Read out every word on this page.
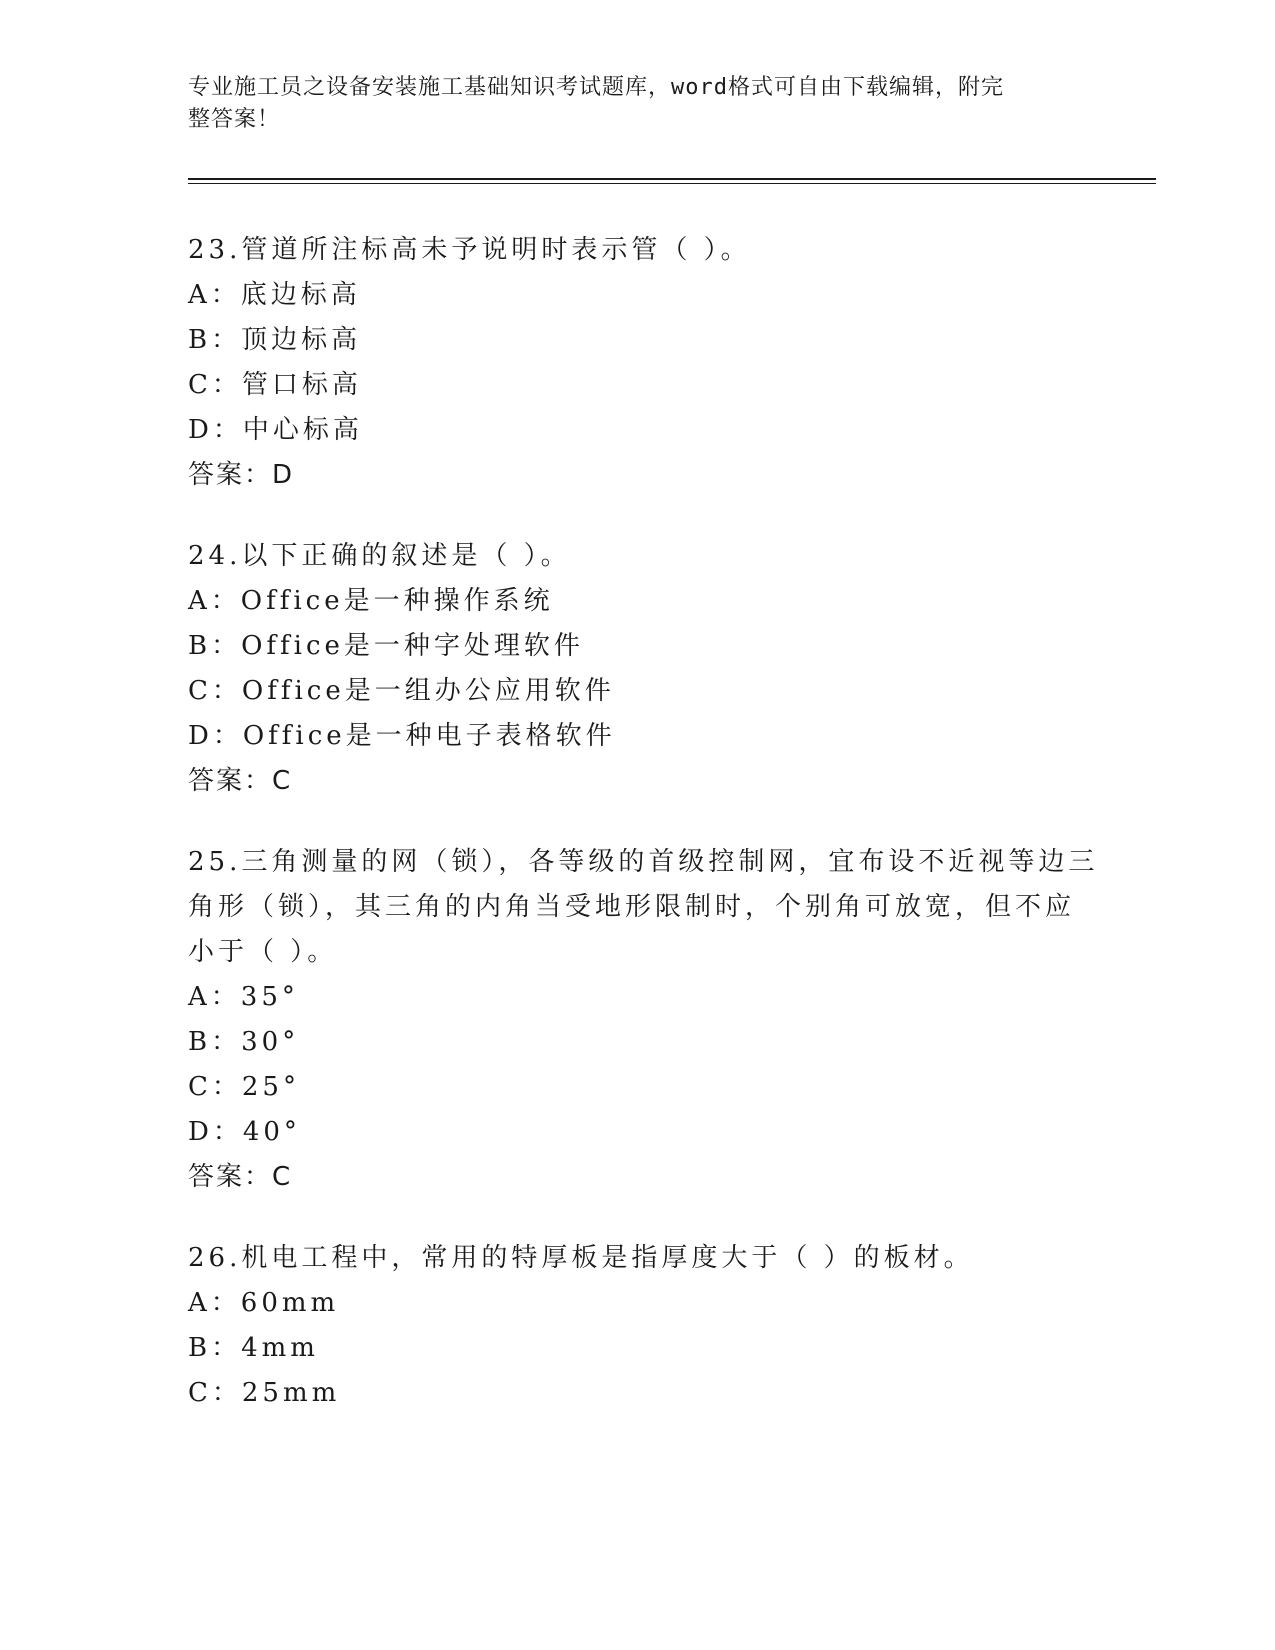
专业施工员之设备安装施工基础知识考试题库，word格式可自由下载编辑，附完
整答案！
23.管道所注标高未予说明时表示管（ ）。
A：底边标高
B：顶边标高
C：管口标高
D：中心标高
答案：D
24.以下正确的叙述是（ ）。
A：Office是一种操作系统
B：Office是一种字处理软件
C：Office是一组办公应用软件
D：Office是一种电子表格软件
答案：C
25.三角测量的网（锁），各等级的首级控制网，宜布设不近视等边三
角形（锁），其三角的内角当受地形限制时，个别角可放宽，但不应
小于（ ）。
A：35°
B：30°
C：25°
D：40°
答案：C
26.机电工程中，常用的特厚板是指厚度大于（ ）的板材。
A：60mm
B：4mm
C：25mm
